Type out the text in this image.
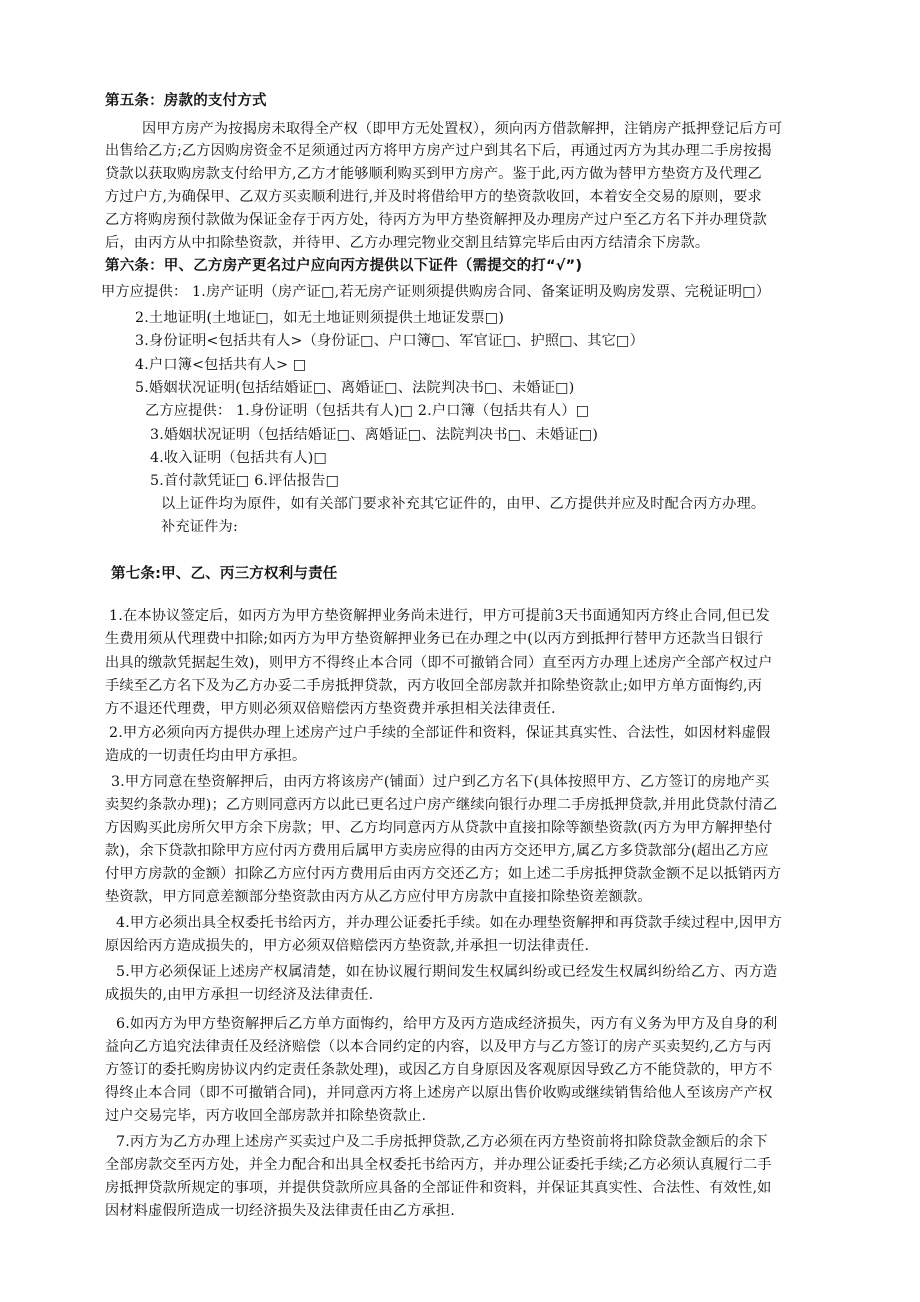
第五条：房款的支付方式
因甲方房产为按揭房未取得全产权（即甲方无处置权），须向丙方借款解押，注销房产抵押登记后方可
出售给乙方;乙方因购房资金不足须通过丙方将甲方房产过户到其名下后，再通过丙方为其办理二手房按揭
贷款以获取购房款支付给甲方,乙方才能够顺利购买到甲方房产。鉴于此,丙方做为替甲方垫资方及代理乙
方过户方,为确保甲、乙双方买卖顺利进行,并及时将借给甲方的垫资款收回，本着安全交易的原则，要求
乙方将购房预付款做为保证金存于丙方处，待丙方为甲方垫资解押及办理房产过户至乙方名下并办理贷款
后，由丙方从中扣除垫资款，并待甲、乙方办理完物业交割且结算完毕后由丙方结清余下房款。
第六条：甲、乙方房产更名过户应向丙方提供以下证件（需提交的打“√”)
甲方应提供： 1.房产证明（房产证□,若无房产证则须提供购房合同、备案证明及购房发票、完税证明□）
2.土地证明(土地证□，如无土地证则须提供土地证发票□)
3.身份证明<包括共有人>（身份证□、户口簿□、军官证□、护照□、其它□）
4.户口簿<包括共有人> □
5.婚姻状况证明(包括结婚证□、离婚证□、法院判决书□、未婚证□)
乙方应提供： 1.身份证明（包括共有人)□ 2.户口簿（包括共有人）□
3.婚姻状况证明（包括结婚证□、离婚证□、法院判决书□、未婚证□)
4.收入证明（包括共有人)□
5.首付款凭证□ 6.评估报告□
以上证件均为原件，如有关部门要求补充其它证件的，由甲、乙方提供并应及时配合丙方办理。
补充证件为:
第七条:甲、乙、丙三方权利与责任
1.在本协议签定后，如丙方为甲方垫资解押业务尚未进行，甲方可提前3天书面通知丙方终止合同,但已发
生费用须从代理费中扣除;如丙方为甲方垫资解押业务已在办理之中(以丙方到抵押行替甲方还款当日银行
出具的缴款凭据起生效)，则甲方不得终止本合同（即不可撤销合同）直至丙方办理上述房产全部产权过户
手续至乙方名下及为乙方办妥二手房抵押贷款，丙方收回全部房款并扣除垫资款止;如甲方单方面悔约,丙
方不退还代理费，甲方则必须双倍赔偿丙方垫资费并承担相关法律责任.
2.甲方必须向丙方提供办理上述房产过户手续的全部证件和资料，保证其真实性、合法性，如因材料虚假
造成的一切责任均由甲方承担。
3.甲方同意在垫资解押后，由丙方将该房产(铺面）过户到乙方名下(具体按照甲方、乙方签订的房地产买
卖契约条款办理)；乙方则同意丙方以此已更名过户房产继续向银行办理二手房抵押贷款,并用此贷款付清乙
方因购买此房所欠甲方余下房款；甲、乙方均同意丙方从贷款中直接扣除等额垫资款(丙方为甲方解押垫付
款)，余下贷款扣除甲方应付丙方费用后属甲方卖房应得的由丙方交还甲方,属乙方多贷款部分(超出乙方应
付甲方房款的金额）扣除乙方应付丙方费用后由丙方交还乙方；如上述二手房抵押贷款金额不足以抵销丙方
垫资款，甲方同意差额部分垫资款由丙方从乙方应付甲方房款中直接扣除垫资差额款。
4.甲方必须出具全权委托书给丙方，并办理公证委托手续。如在办理垫资解押和再贷款手续过程中,因甲方
原因给丙方造成损失的，甲方必须双倍赔偿丙方垫资款,并承担一切法律责任.
5.甲方必须保证上述房产权属清楚，如在协议履行期间发生权属纠纷或已经发生权属纠纷给乙方、丙方造
成损失的,由甲方承担一切经济及法律责任.
6.如丙方为甲方垫资解押后乙方单方面悔约，给甲方及丙方造成经济损失，丙方有义务为甲方及自身的利
益向乙方追究法律责任及经济赔偿（以本合同约定的内容，以及甲方与乙方签订的房产买卖契约,乙方与丙
方签订的委托购房协议内约定责任条款处理)，或因乙方自身原因及客观原因导致乙方不能贷款的，甲方不
得终止本合同（即不可撤销合同)，并同意丙方将上述房产以原出售价收购或继续销售给他人至该房产产权
过户交易完毕，丙方收回全部房款并扣除垫资款止.
7.丙方为乙方办理上述房产买卖过户及二手房抵押贷款,乙方必须在丙方垫资前将扣除贷款金额后的余下
全部房款交至丙方处，并全力配合和出具全权委托书给丙方，并办理公证委托手续;乙方必须认真履行二手
房抵押贷款所规定的事项，并提供贷款所应具备的全部证件和资料，并保证其真实性、合法性、有效性,如
因材料虚假所造成一切经济损失及法律责任由乙方承担.
